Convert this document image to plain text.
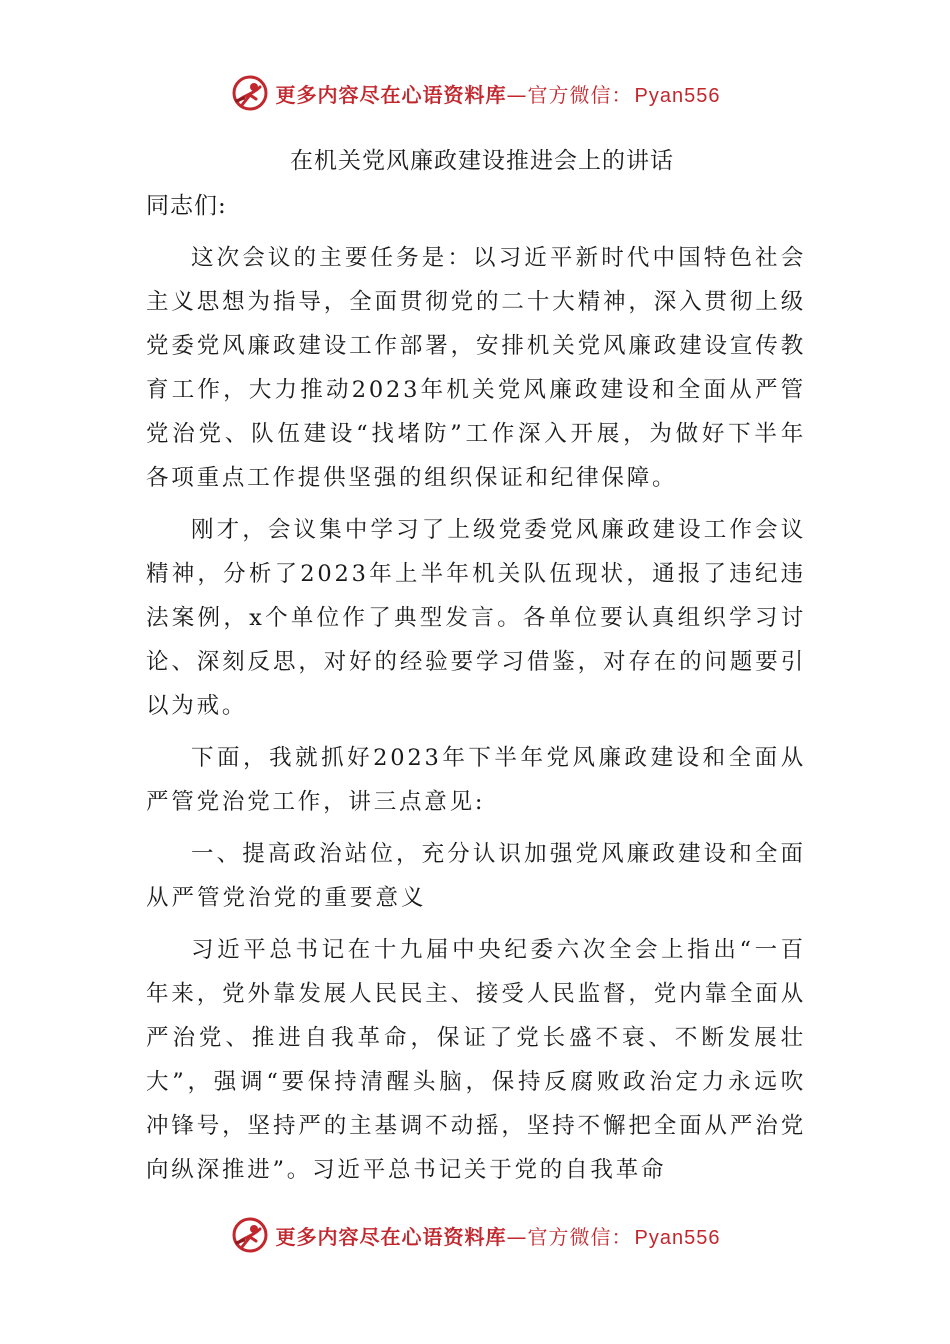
更多内容尽在心语资料库—官方微信： Pyan556
在机关党风廉政建设推进会上的讲话

同志们:

这次会议的主要任务是：以习近平新时代中国特色社会主义思想为指导，全面贯彻党的二十大精神，深入贯彻上级党委党风廉政建设工作部署，安排机关党风廉政建设宣传教育工作，大力推动2023年机关党风廉政建设和全面从严管党治党、队伍建设“找堵防”工作深入开展，为做好下半年各项重点工作提供坚强的组织保证和纪律保障。

刚才，会议集中学习了上级党委党风廉政建设工作会议精神，分析了2023年上半年机关队伍现状，通报了违纪违法案例，x个单位作了典型发言。各单位要认真组织学习讨论、深刻反思，对好的经验要学习借鉴，对存在的问题要引以为戒。

下面，我就抓好2023年下半年党风廉政建设和全面从严管党治党工作，讲三点意见:

一、提高政治站位，充分认识加强党风廉政建设和全面从严管党治党的重要意义

习近平总书记在十九届中央纪委六次全会上指出“一百年来，党外靠发展人民民主、接受人民监督，党内靠全面从严治党、推进自我革命，保证了党长盛不衰、不断发展壮大”，强调“要保持清醒头脑，保持反腐败政治定力永远吹冲锋号，坚持严的主基调不动摇，坚持不懈把全面从严治党向纵深推进”。习近平总书记关于党的自我革命

更多内容尽在心语资料库—官方微信： Pyan556
